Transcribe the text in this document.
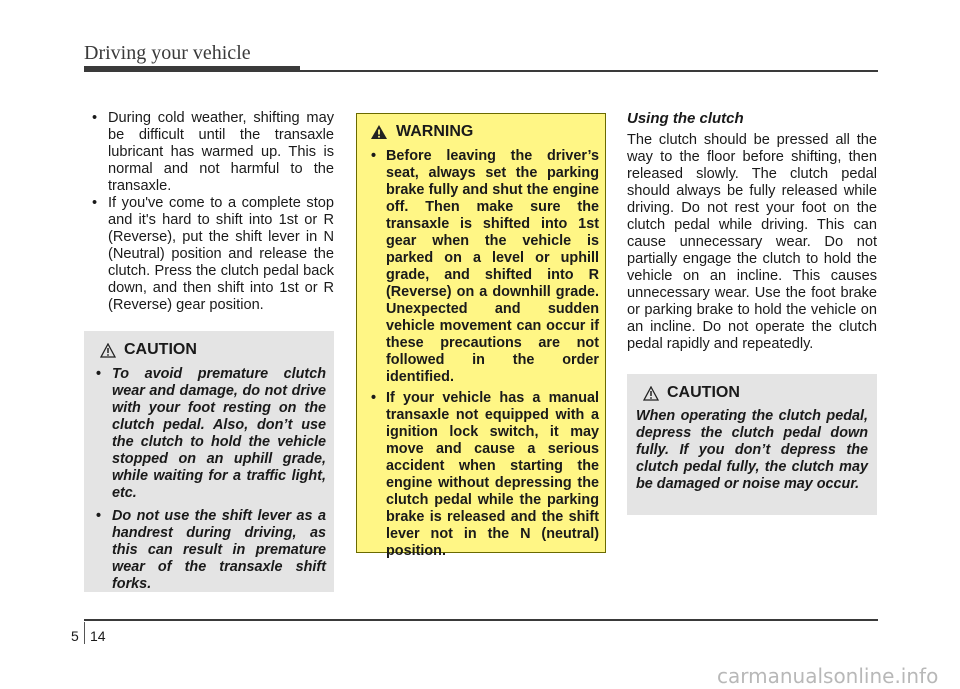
Driving your vehicle
• During cold weather, shifting may be difficult until the transaxle lubricant has warmed up. This is normal and not harmful to the transaxle.
• If you've come to a complete stop and it's hard to shift into 1st or R (Reverse), put the shift lever in N (Neutral) position and release the clutch. Press the clutch pedal back down, and then shift into 1st or R (Reverse) gear position.
CAUTION
• To avoid premature clutch wear and damage, do not drive with your foot resting on the clutch pedal. Also, don’t use the clutch to hold the vehicle stopped on an uphill grade, while waiting for a traffic light, etc.
• Do not use the shift lever as a handrest during driving, as this can result in premature wear of the transaxle shift forks.
WARNING
• Before leaving the driver’s seat, always set the parking brake fully and shut the engine off. Then make sure the transaxle is shifted into 1st gear when the vehicle is parked on a level or uphill grade, and shifted into R (Reverse) on a downhill grade. Unexpected and sudden vehicle movement can occur if these precautions are not followed in the order identified.
• If your vehicle has a manual transaxle not equipped with a ignition lock switch, it may move and cause a serious accident when starting the engine without depressing the clutch pedal while the parking brake is released and the shift lever not in the N (neutral) position.
Using the clutch
The clutch should be pressed all the way to the floor before shifting, then released slowly. The clutch pedal should always be fully released while driving. Do not rest your foot on the clutch pedal while driving. This can cause unnecessary wear. Do not partially engage the clutch to hold the vehicle on an incline. This causes unnecessary wear. Use the foot brake or parking brake to hold the vehicle on an incline. Do not operate the clutch pedal rapidly and repeatedly.
CAUTION
When operating the clutch pedal, depress the clutch pedal down fully. If you don’t depress the clutch pedal fully, the clutch may be damaged or noise may occur.
5 14
carmanualsonline.info
